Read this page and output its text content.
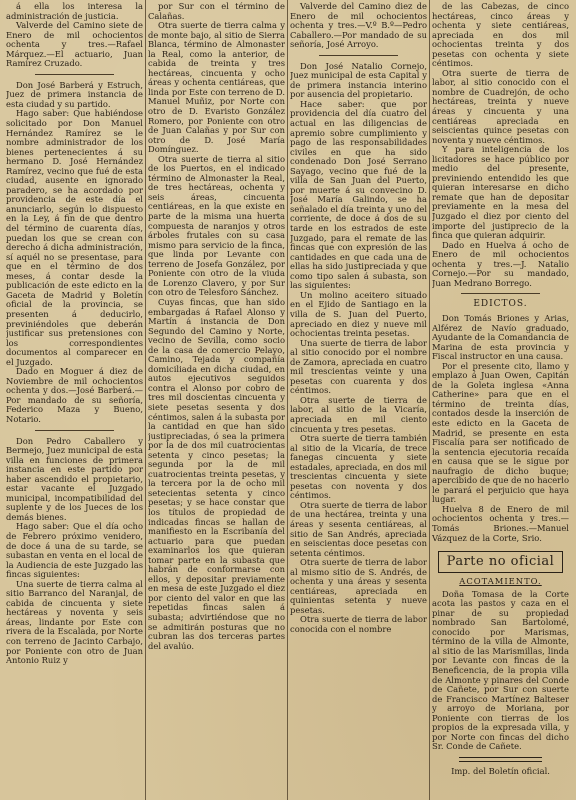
á ella los interesa la administración de justicia.

Valverde del Camino siete de Enero de mil ochocientos ochenta y tres.—Rafael Márquez.—El actuario, Juan Ramírez Cruzado.

Don José Barberá y Estruch, Juez de primera instancia de esta ciudad y su partido.

Hago saber: Que habiéndose solicitado por Don Manuel Hernández Ramírez se le nombre administrador de los bienes pertenecientes á su hermano D. José Hernández Ramírez, vecino que fué de esta ciudad, ausente en ignorado paradero, se ha acordado por providencia de este día el anunciarlo, según lo dispuesto en la Ley, á fin de que dentro del término de cuarenta días, puedan los que se crean con derecho á dicha administración, sí aquél no se presentase, para que en el término de dos meses, á contar desde la publicación de este edicto en la Gaceta de Madrid y Boletín oficial de la provincia, se presenten á deducirlo, previniéndoles que deberán justificar sus pretensiones con los correspondientes documentos al comparecer en el Juzgado.

Dado en Moguer á diez de Noviembre de mil ochocientos ochenta y dos.—José Barberá.—Por mandado de su señoría, Federico Maza y Bueno, Notario.

Don Pedro Caballero y Bermejo, Juez municipal de esta villa en funciones de primera instancia en este partido por haber ascendido el propietario, estar vacante el Juzgado municipal, incompatibilidad del suplente y de los Jueces de los demás bienes.

Hago saber: Que el día ocho de Febrero próximo venidero, de doce á una de su tarde, se subastan en venta en el local de la Audiencia de este Juzgado las fincas siguientes:

Una suerte de tierra calma al sitio Barranco del Naranjal, de cabida de cincuenta y siete hectáreas y noventa y seis áreas, lindante por Este con rivera de la Escalada, por Norte con terreno de Jacinto Carbajo, por Poniente con otro de Juan Antonio Ruiz y

por Sur con el término de Calañas.

Otra suerte de tierra calma y de monte bajo, al sitio de Sierra Blanca, término de Almonaster la Real, como la anterior, de cabida de treinta y tres hectáreas, cincuenta y ocho áreas y ochenta centiáreas, que linda por Este con terreno de D. Manuel Muñiz, por Norte con otro de D. Evaristo González Romero, por Poniente con otro de Juan Calañas y por Sur con otro de D. José María Domínguez.

Otra suerte de tierra al sitio de los Puertos, en el indicado término de Almonaster la Real, de tres hectáreas, ochenta y seis áreas, cincuenta centiáreas, en la que existe en parte de la misma una huerta compuesta de naranjos y otros árboles frutales con su casa mismo para servicio de la finca, que linda por Levante con terreno de Josefa González, por Poniente con otro de la viuda de Lorenzo Clavero, y por Sur con otro de Telesforo Sánchez.

Cuyas fincas, que han sido embargadas á Rafael Alonso y Martín á instancia de Don Segundo del Camino y Norte, vecino de Sevilla, como socio de la casa de comercio Pelayo, Camino, Tejada y compañía domiciliada en dicha ciudad, en autos ejecutivos seguidos contra el Alonso por cobro de tres mil doscientas cincuenta y siete pesetas sesenta y dos céntimos, salen á la subasta por la cantidad en que han sido justipreciadas, ó sea la primera por la de dos mil cuatrocientas setenta y cinco pesetas; la segunda por la de mil cuatrocientas treinta pesetas, y la tercera por la de ocho mil setecientas setenta y cinco pesetas; y se hace constar que los títulos de propiedad de indicadas fincas se hallan de manifiesto en la Escribanía del actuario para que puedan examinarlos los que quieran tomar parte en la subasta que habrán de conformarse con ellos, y depositar previamente en mesa de este Juzgado el diez por ciento del valor en que las repetidas fincas salen á subasta; advirtiéndose que no se admitirán posturas que no cubran las dos terceras partes del avalúo.

Valverde del Camino diez de Enero de mil ochocientos ochenta y tres.—V.º B.º—Pedro Caballero.—Por mandado de su señoría, José Arroyo.

Don José Natalio Cornejo, Juez municipal de esta Capital y de primera instancia interino por ausencia del propietario.

Hace saber: que por providencia del día cuatro del actual en las diligencias de apremio sobre cumplimiento y pago de las responsabilidades civiles en que ha sido condenado Don José Serrano Sayago, vecino que fué de la villa de San Juan del Puerto, por muerte á su convecino D. José María Galindo, se ha señalado el día treinta y uno del corriente, de doce á dos de su tarde en los estrados de este Juzgado, para el remate de las fincas que con expresión de las cantidades en que cada una de ellas ha sido justipreciada y que como tipo salen á subasta, son las siguientes:

Un molino aceitero situado en el Ejido de Santiago en la villa de S. Juan del Puerto, apreciado en diez y nueve mil ochocientas treinta pesetas.

Una suerte de tierra de labor al sitio conocido por el nombre de Zamora, apreciada en cuatro mil trescientas veinte y una pesetas con cuarenta y dos céntimos.

Otra suerte de tierra de labor, al sitio de la Vicaría, apreciada en mil ciento cincuenta y tres pesetas.

Otra suerte de tierra también al sitio de la Vicaría, de trece fanegas cincuenta y siete estadales, apreciada, en dos mil trescientas cincuenta y siete pesetas con noventa y dos céntimos.

Otra suerte de tierra de labor de una hectárea, treinta y una áreas y sesenta centiáreas, al sitio de San Andrés, apreciada en seiscientas doce pesetas con setenta céntimos.

Otra suerte de tierra de labor al mismo sitio de S. Andrés, de ochenta y una áreas y sesenta centiáreas, apreciada en quinientas setenta y nueve pesetas.

Otra suerte de tierra de labor conocida con el nombre

de las Cabezas, de cinco hectáreas, cinco áreas y ochenta y siete centiáreas, apreciada en dos mil ochocientas treinta y dos pesetas con ochenta y siete céntimos.

Otra suerte de tierra de labor, al sitio conocido con el nombre de Cuadrejón, de ocho hectáreas, treinta y nueve áreas y cincuenta y una centiáreas apreciada en seiscientas quince pesetas con noventa y nueve céntimos.

Y para inteligencia de los licitadores se hace público por medio del presente, previniendo entendido les que quieran interesarse en dicho remate que han de depositar previamente en la mesa del Juzgado el diez por ciento del importe del justiprecio de la finca que quieran adquirir.

Dado en Huelva á ocho de Enero de mil ochocientos ochenta y tres.—J. Natalio Cornejo.—Por su mandado, Juan Medrano Borrego.

EDICTOS.

Don Tomás Briones y Arias, Alférez de Navío graduado, Ayudante de la Comandancia de Marina de esta provincia y Fiscal instructor en una causa.

Por el presente cito, llamo y emplazo á Juan Owen, Capitán de la Goleta inglesa «Anna Catherine» para que en el término de treinta días, contados desde la inserción de este edicto en la Gaceta de Madrid, se presente en esta Fiscalía para ser notificado de la sentencia ejecutoria recaída en causa que se le sigue por naufragio de dicho buque; apercibido de que de no hacerlo le parará el perjuicio que haya lugar.

Huelva 8 de Enero de mil ochocientos ochenta y tres.—Tomás Briones.—Manuel Vázquez de la Corte, Srio.

Parte no oficial
ACOTAMIENTO.

Doña Tomasa de la Corte acota las pastos y caza en el pinar de su propiedad nombrado San Bartolomé, conocido por Marismas, término de la villa de Almonte, al sitio de las Marismillas, linda por Levante con fincas de la Beneficencia, de la propia villa de Almonte y pinares del Conde de Cañete, por Sur con suerte de Francisco Martínez Balteser y arroyo de Moriana, por Poniente con tierras de los propios de la expresada villa, y por Norte con fincas del dicho Sr. Conde de Cañete.

Imp. del Boletín oficial.
